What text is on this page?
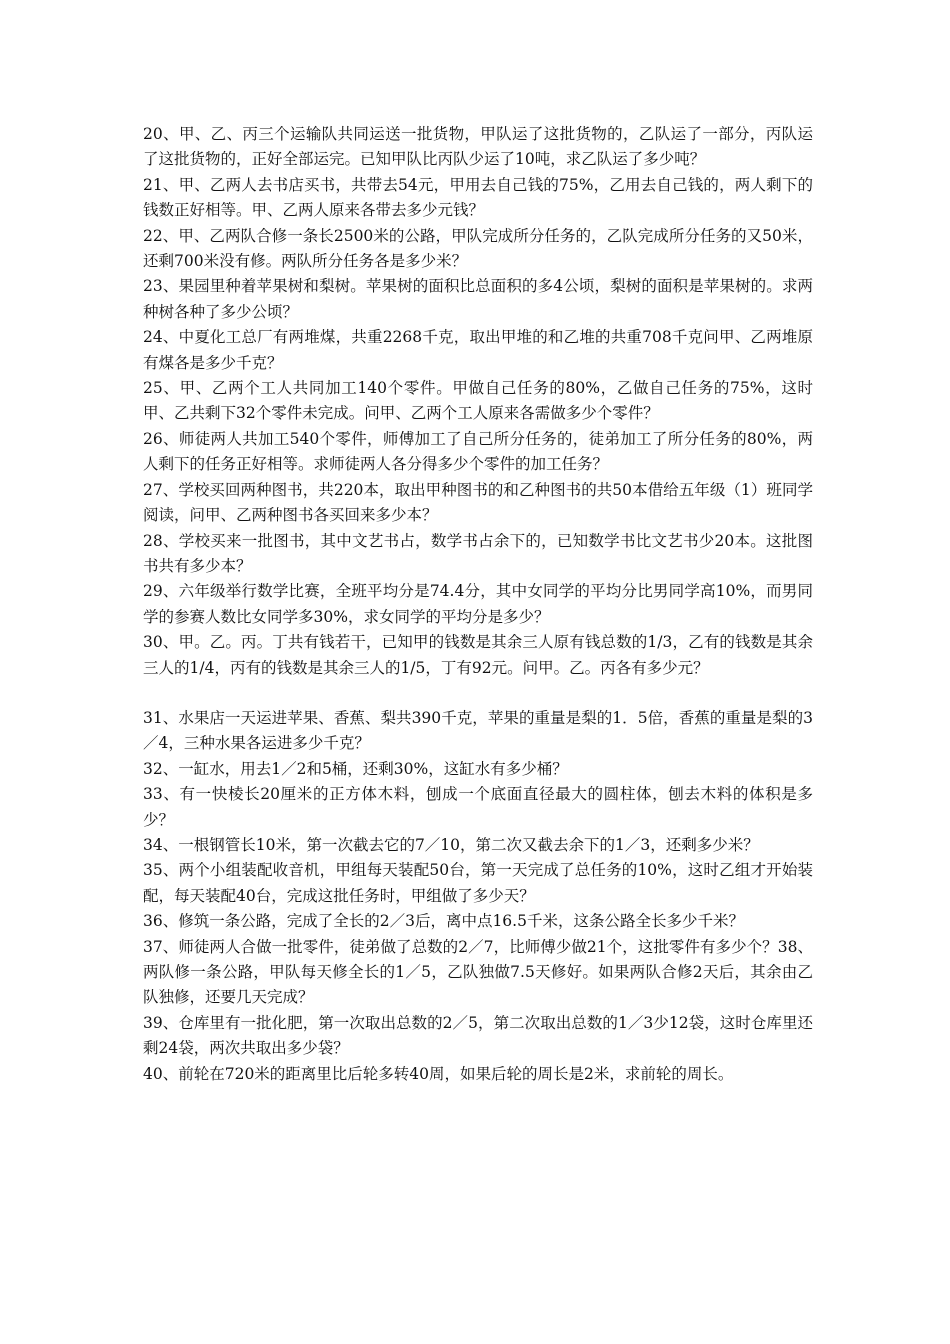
20、甲、乙、丙三个运输队共同运送一批货物，甲队运了这批货物的，乙队运了一部分，丙队运了这批货物的，正好全部运完。已知甲队比丙队少运了10吨，求乙队运了多少吨？

21、甲、乙两人去书店买书，共带去54元，甲用去自己钱的75%，乙用去自己钱的，两人剩下的钱数正好相等。甲、乙两人原来各带去多少元钱？

22、甲、乙两队合修一条长2500米的公路，甲队完成所分任务的，乙队完成所分任务的又50米，还剩700米没有修。两队所分任务各是多少米？

23、果园里种着苹果树和梨树。苹果树的面积比总面积的多4公顷，梨树的面积是苹果树的。求两种树各种了多少公顷？

24、中夏化工总厂有两堆煤，共重2268千克，取出甲堆的和乙堆的共重708千克问甲、乙两堆原有煤各是多少千克？

25、甲、乙两个工人共同加工140个零件。甲做自己任务的80%，乙做自己任务的75%，这时甲、乙共剩下32个零件未完成。问甲、乙两个工人原来各需做多少个零件？

26、师徒两人共加工540个零件，师傅加工了自己所分任务的，徒弟加工了所分任务的80%，两人剩下的任务正好相等。求师徒两人各分得多少个零件的加工任务？

27、学校买回两种图书，共220本，取出甲种图书的和乙种图书的共50本借给五年级（1）班同学阅读，问甲、乙两种图书各买回来多少本？

28、学校买来一批图书，其中文艺书占，数学书占余下的，已知数学书比文艺书少20本。这批图书共有多少本？

29、六年级举行数学比赛，全班平均分是74.4分，其中女同学的平均分比男同学高10%，而男同学的参赛人数比女同学多30%，求女同学的平均分是多少？

30、甲。乙。丙。丁共有钱若干，已知甲的钱数是其余三人原有钱总数的1/3，乙有的钱数是其余三人的1/4，丙有的钱数是其余三人的1/5，丁有92元。问甲。乙。丙各有多少元？

31、水果店一天运进苹果、香蕉、梨共390千克，苹果的重量是梨的1．5倍，香蕉的重量是梨的3／4，三种水果各运进多少千克？

32、一缸水，用去1／2和5桶，还剩30%，这缸水有多少桶？

33、有一快棱长20厘米的正方体木料，刨成一个底面直径最大的圆柱体，刨去木料的体积是多少？

34、一根钢管长10米，第一次截去它的7／10，第二次又截去余下的1／3，还剩多少米？

35、两个小组装配收音机，甲组每天装配50台，第一天完成了总任务的10%，这时乙组才开始装配，每天装配40台，完成这批任务时，甲组做了多少天？

36、修筑一条公路，完成了全长的2／3后，离中点16.5千米，这条公路全长多少千米？

37、师徒两人合做一批零件，徒弟做了总数的2／7，比师傅少做21个，这批零件有多少个？38、两队修一条公路，甲队每天修全长的1／5，乙队独做7.5天修好。如果两队合修2天后，其余由乙队独修，还要几天完成？

39、仓库里有一批化肥，第一次取出总数的2／5，第二次取出总数的1／3少12袋，这时仓库里还剩24袋，两次共取出多少袋？

40、前轮在720米的距离里比后轮多转40周，如果后轮的周长是2米，求前轮的周长。
